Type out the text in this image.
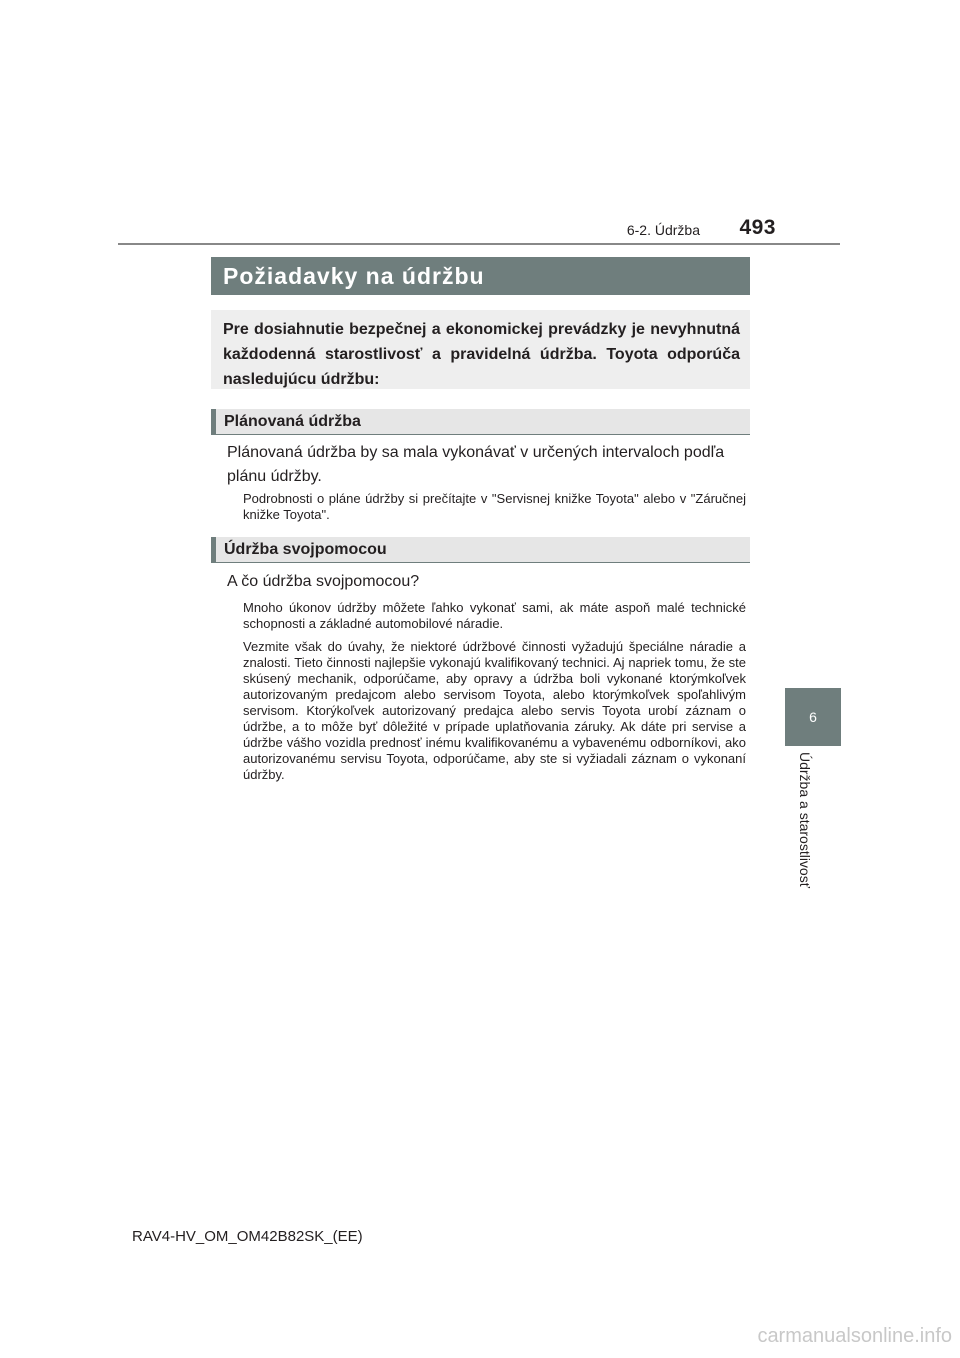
6-2. Údržba	493
6
Údržba a starostlivosť
Požiadavky na údržbu
Pre dosiahnutie bezpečnej a ekonomickej prevádzky je nevyhnutná každodenná starostlivosť a pravidelná údržba. Toyota odporúča nasledujúcu údržbu:
Plánovaná údržba
Plánovaná údržba by sa mala vykonávať v určených intervaloch podľa plánu údržby.
Podrobnosti o pláne údržby si prečítajte v "Servisnej knižke Toyota" alebo v "Záručnej knižke Toyota".
Údržba svojpomocou
A čo údržba svojpomocou?
Mnoho úkonov údržby môžete ľahko vykonať sami, ak máte aspoň malé technické schopnosti a základné automobilové náradie.
Vezmite však do úvahy, že niektoré údržbové činnosti vyžadujú špeciálne náradie a znalosti. Tieto činnosti najlepšie vykonajú kvalifikovaný technici. Aj napriek tomu, že ste skúsený mechanik, odporúčame, aby opravy a údržba boli vykonané ktorýmkoľvek autorizovaným predajcom alebo servisom Toyota, alebo ktorýmkoľvek spoľahlivým servisom. Ktorýkoľvek autorizovaný predajca alebo servis Toyota urobí záznam o údržbe, a to môže byť dôležité v prípade uplatňovania záruky. Ak dáte pri servise a údržbe vášho vozidla prednosť inému kvalifikovanému a vybavenému odborníkovi, ako autorizovanému servisu Toyota, odporúčame, aby ste si vyžiadali záznam o vykonaní údržby.
RAV4-HV_OM_OM42B82SK_(EE)
carmanualsonline.info
